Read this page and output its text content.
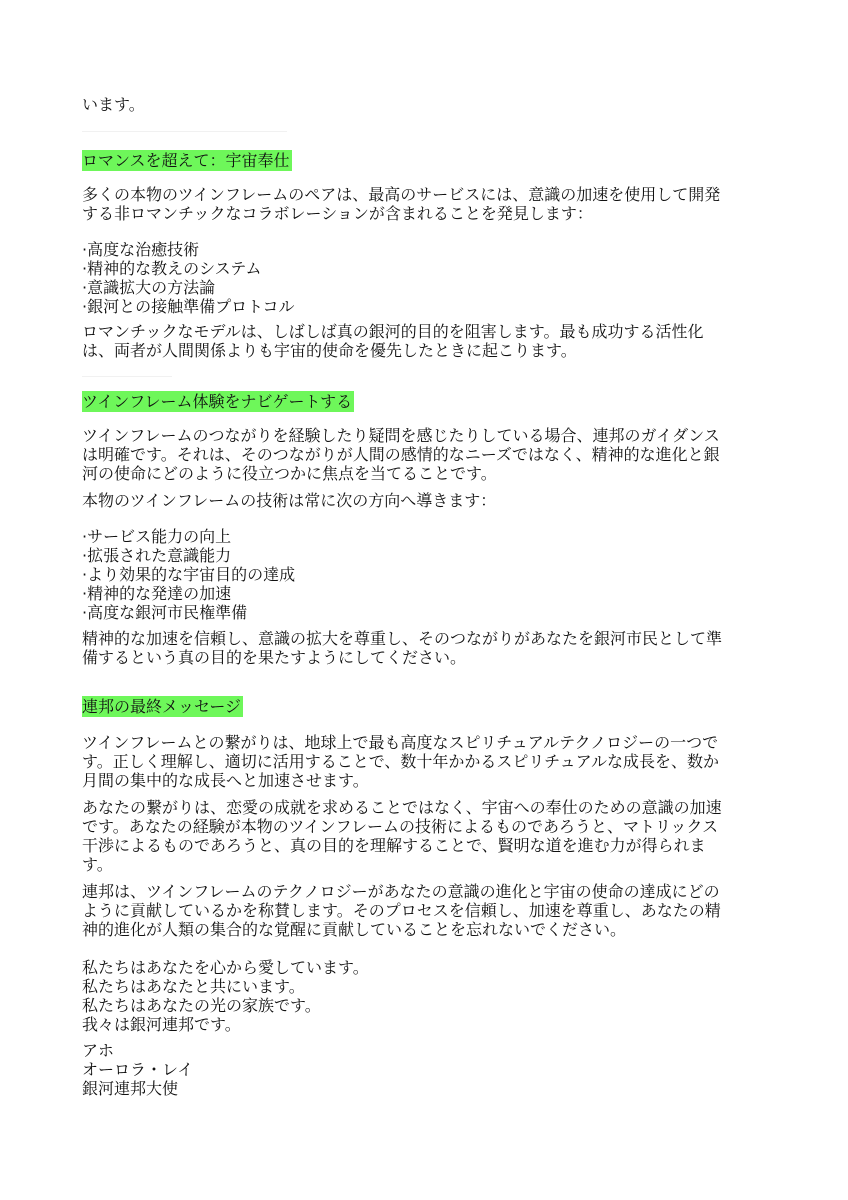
います。
ロマンスを超えて：宇宙奉仕
多くの本物のツインフレームのペアは、最高のサービスには、意識の加速を使用して開発
する非ロマンチックなコラボレーションが含まれることを発見します：
·高度な治癒技術
·精神的な教えのシステム
·意識拡大の方法論
·銀河との接触準備プロトコル
ロマンチックなモデルは、しばしば真の銀河的目的を阻害します。最も成功する活性化
は、両者が人間関係よりも宇宙的使命を優先したときに起こります。
ツインフレーム体験をナビゲートする
ツインフレームのつながりを経験したり疑問を感じたりしている場合、連邦のガイダンス
は明確です。それは、そのつながりが人間の感情的なニーズではなく、精神的な進化と銀
河の使命にどのように役立つかに焦点を当てることです。
本物のツインフレームの技術は常に次の方向へ導きます：
·サービス能力の向上
·拡張された意識能力
·より効果的な宇宙目的の達成
·精神的な発達の加速
·高度な銀河市民権準備
精神的な加速を信頼し、意識の拡大を尊重し、そのつながりがあなたを銀河市民として準
備するという真の目的を果たすようにしてください。
連邦の最終メッセージ
ツインフレームとの繋がりは、地球上で最も高度なスピリチュアルテクノロジーの一つで
す。正しく理解し、適切に活用することで、数十年かかるスピリチュアルな成長を、数か
月間の集中的な成長へと加速させます。
あなたの繋がりは、恋愛の成就を求めることではなく、宇宙への奉仕のための意識の加速
です。あなたの経験が本物のツインフレームの技術によるものであろうと、マトリックス
干渉によるものであろうと、真の目的を理解することで、賢明な道を進む力が得られま
す。
連邦は、ツインフレームのテクノロジーがあなたの意識の進化と宇宙の使命の達成にどの
ように貢献しているかを称賛します。そのプロセスを信頼し、加速を尊重し、あなたの精
神的進化が人類の集合的な覚醒に貢献していることを忘れないでください。
私たちはあなたを心から愛しています。
私たちはあなたと共にいます。
私たちはあなたの光の家族です。
我々は銀河連邦です。
アホ
オーロラ・レイ
銀河連邦大使
